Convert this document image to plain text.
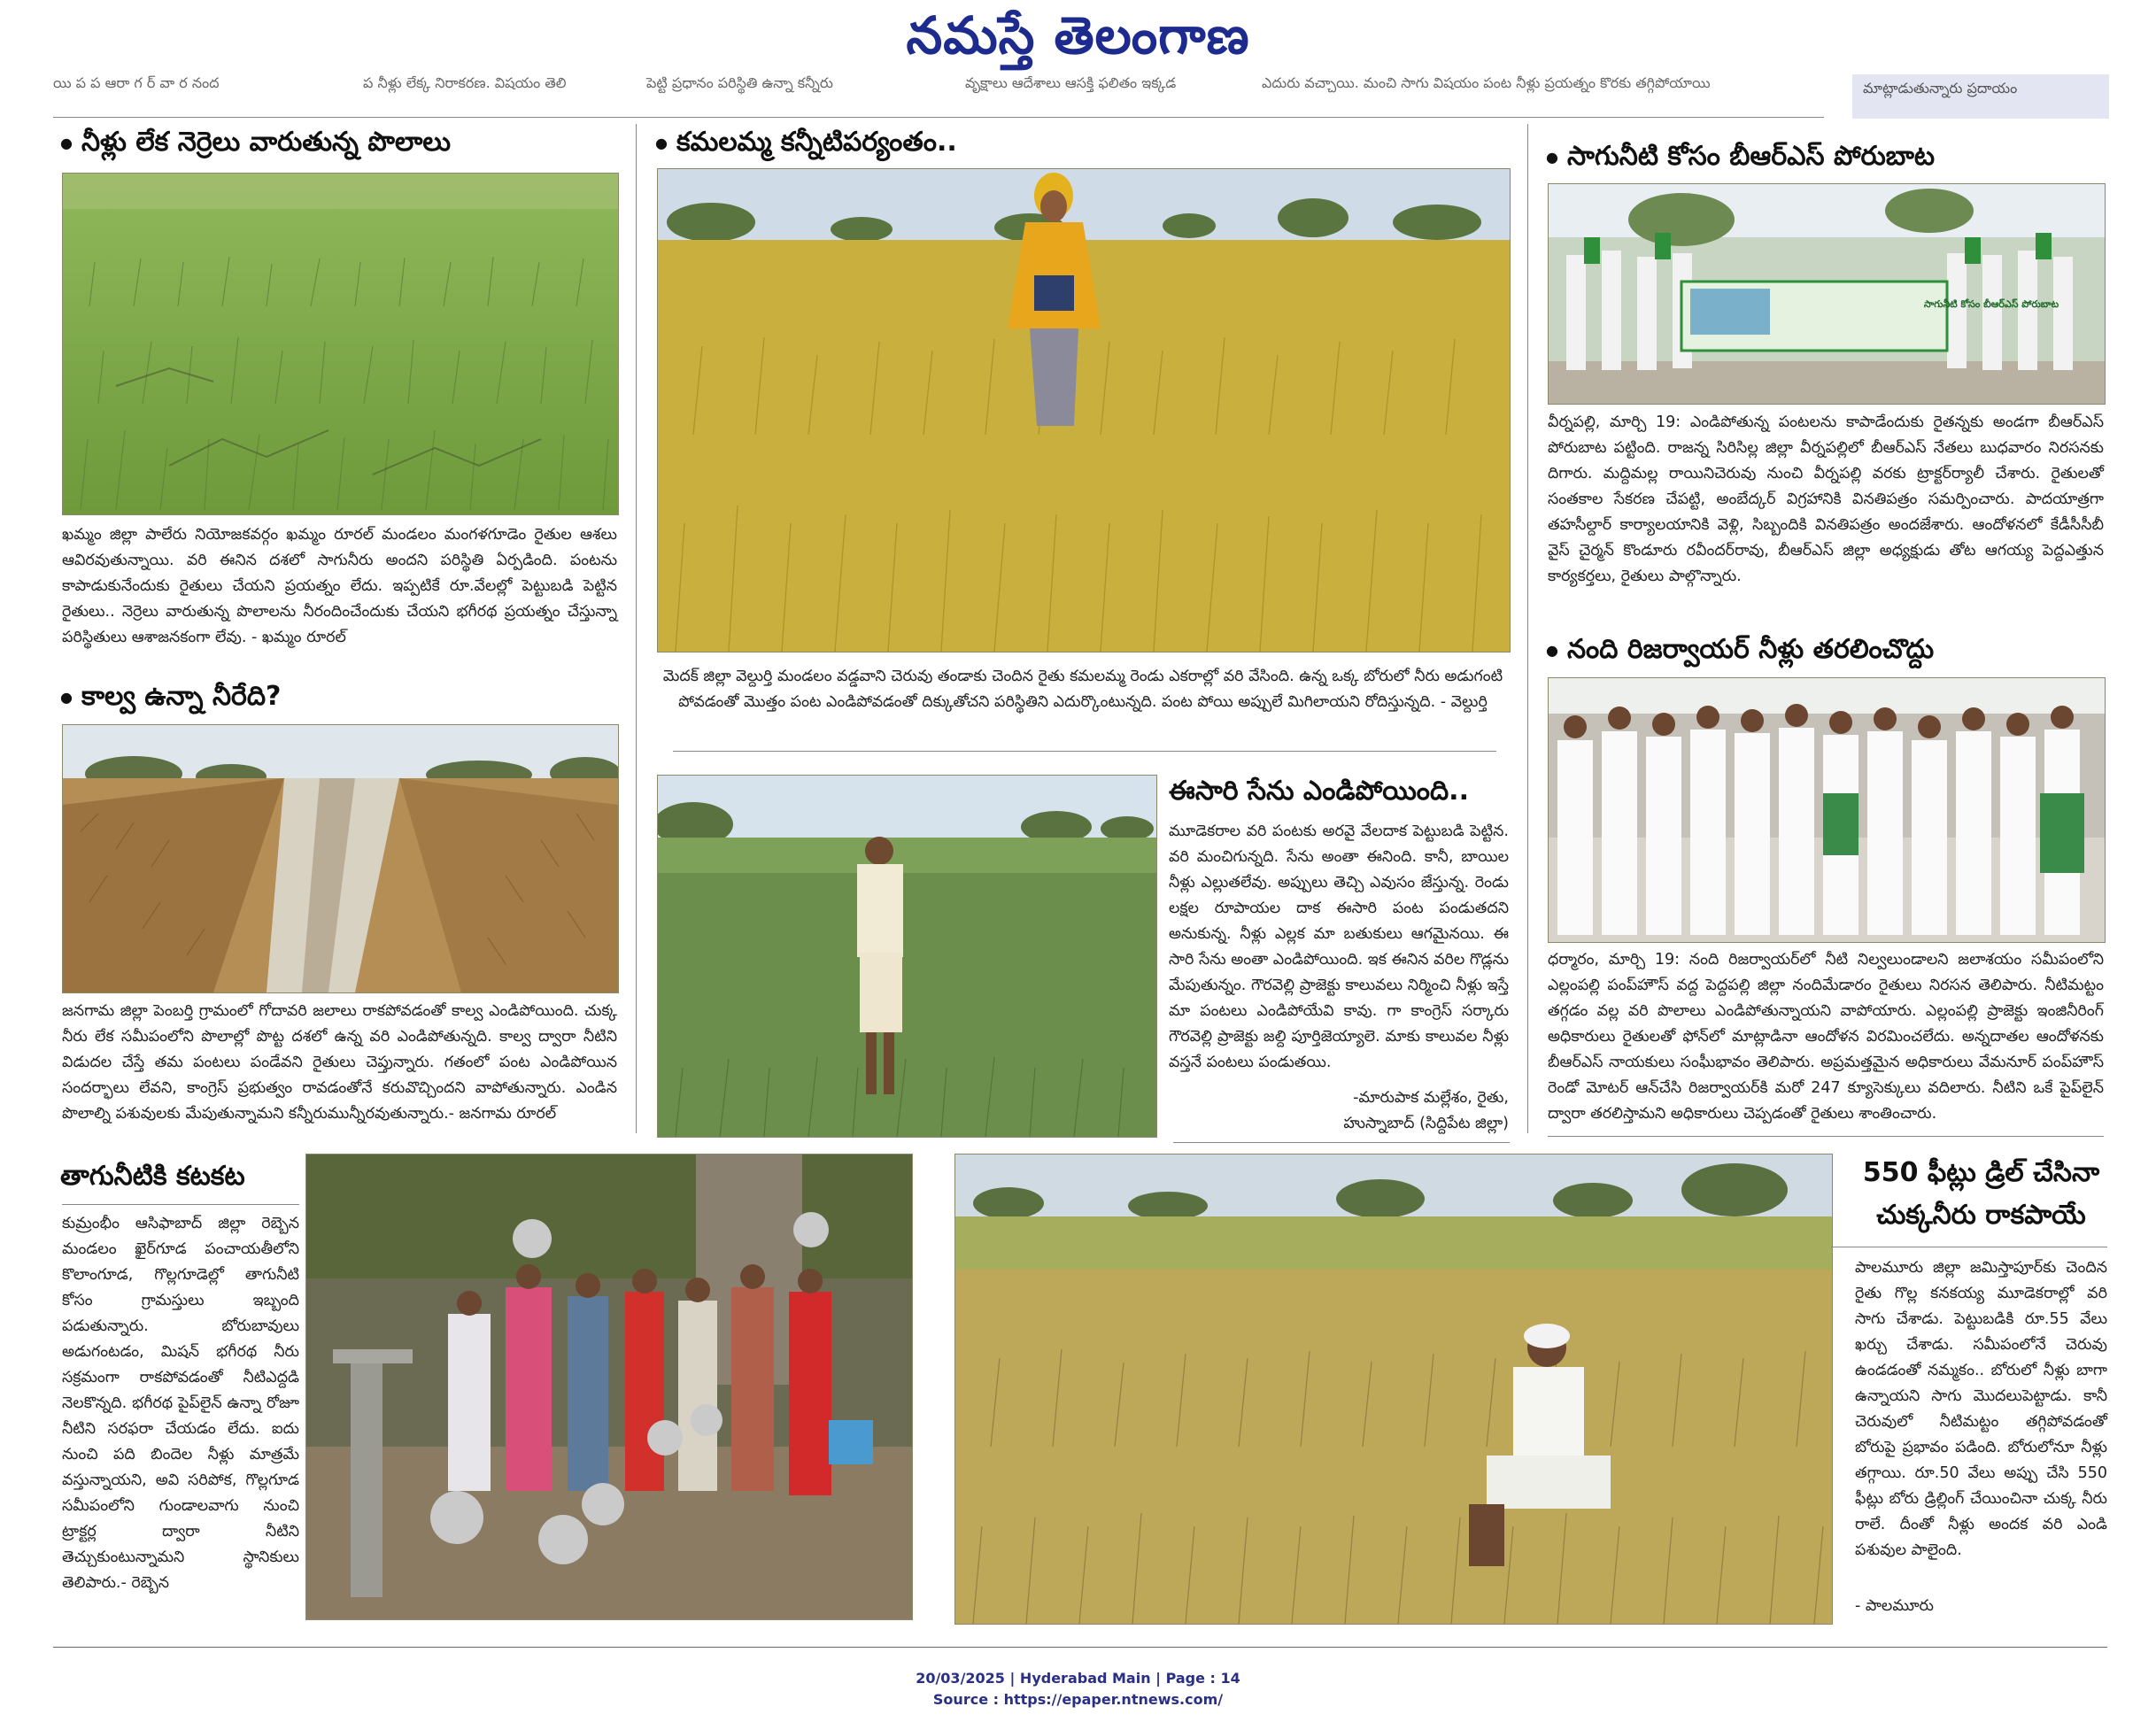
నమస్తే తెలంగాణ
యి ప ప ఆరా గ ర్ వా ర నంద	ప నీళ్లు లేక్క నిరాకరణ. విషయం తెలి	పెట్టి ప్రధానం పరిస్థితి ఉన్నా కన్నీరు	వృక్షాలు ఆదేశాలు ఆసక్తి ఫలితం ఇక్కడ	ఎదురు వచ్చాయి. మంచి సాగు విషయం పంట నీళ్లు ప్రయత్నం కొరకు తగ్గిపోయాయి	మాట్లాడుతున్నారు ప్రదాయం
● నీళ్లు లేక నెర్రెలు వారుతున్న పొలాలు
ఖమ్మం జిల్లా పాలేరు నియోజకవర్గం ఖమ్మం రూరల్‌ మండలం మంగళగూడెం రైతుల ఆశలు ఆవిరవుతున్నాయి. వరి ఈనిన దశలో సాగునీరు అందని పరిస్థితి ఏర్పడింది. పంటను కాపాడుకునేందుకు రైతులు చేయని ప్రయత్నం లేదు. ఇప్పటికే రూ.వేలల్లో పెట్టుబడి పెట్టిన రైతులు.. నెర్రెలు వారుతున్న పొలాలను నీరందించేందుకు చేయని భగీరథ ప్రయత్నం చేస్తున్నా పరిస్థితులు ఆశాజనకంగా లేవు. - ఖమ్మం రూరల్‌
● కాల్వ ఉన్నా నీరేది?
జనగామ జిల్లా పెంబర్తి గ్రామంలో గోదావరి జలాలు రాకపోవడంతో కాల్వ ఎండిపోయింది. చుక్క నీరు లేక సమీపంలోని పొలాల్లో పొట్ట దశలో ఉన్న వరి ఎండిపోతున్నది. కాల్వ ద్వారా నీటిని విడుదల చేస్తే తమ పంటలు పండేవని రైతులు చెప్తున్నారు. గతంలో పంట ఎండిపోయిన సందర్భాలు లేవని, కాంగ్రెస్‌ ప్రభుత్వం రావడంతోనే కరువొచ్చిందని వాపోతున్నారు. ఎండిన పొలాల్ని పశువులకు మేపుతున్నామని కన్నీరుమున్నీరవుతున్నారు.- జనగామ రూరల్‌
● కమలమ్మ కన్నీటిపర్యంతం..
మెదక్‌ జిల్లా వెల్దుర్తి మండలం వడ్డవాని చెరువు తండాకు చెందిన రైతు కమలమ్మ రెండు ఎకరాల్లో వరి వేసింది. ఉన్న ఒక్క బోరులో నీరు అడుగంటి పోవడంతో మొత్తం పంట ఎండిపోవడంతో దిక్కుతోచని పరిస్థితిని ఎదుర్కొంటున్నది. పంట పోయి అప్పులే మిగిలాయని రోదిస్తున్నది. - వెల్దుర్తి
ఈసారి సేను ఎండిపోయింది..
మూడెకరాల వరి పంటకు అరవై వేలదాక పెట్టుబడి పెట్టిన. వరి మంచిగున్నది. సేను అంతా ఈనింది. కానీ, బాయిల నీళ్లు ఎల్లుతలేవు. అప్పులు తెచ్చి ఎవుసం జేస్తున్న. రెండు లక్షల రూపాయల దాక ఈసారి పంట పండుతదని అనుకున్న. నీళ్లు ఎల్లక మా బతుకులు ఆగమైనయి. ఈ సారి సేను అంతా ఎండిపోయింది. ఇక ఈనిన వరిల గొడ్లను మేపుతున్నం. గౌరవెల్లి ప్రాజెక్టు కాలువలు నిర్మించి నీళ్లు ఇస్తే మా పంటలు ఎండిపోయేవి కావు. గా కాంగ్రెస్‌ సర్కారు గౌరవెల్లి ప్రాజెక్టు జల్ది పూర్తిజెయ్యాలె. మాకు కాలువల నీళ్లు వస్తనే పంటలు పండుతయి.
-మారుపాక మల్లేశం, రైతు,
హుస్నాబాద్‌ (సిద్దిపేట జిల్లా)
● సాగునీటి కోసం బీఆర్‌ఎస్‌ పోరుబాట
సాగునీటి కోసం బీఆర్‌ఎస్‌ పోరుబాట
వీర్నపల్లి, మార్చి 19: ఎండిపోతున్న పంటలను కాపాడేందుకు రైతన్నకు అండగా బీఆర్‌ఎస్‌ పోరుబాట పట్టింది. రాజన్న సిరిసిల్ల జిల్లా వీర్నపల్లిలో బీఆర్‌ఎస్‌ నేతలు బుధవారం నిరసనకు దిగారు. మద్దిమల్ల రాయినిచెరువు నుంచి వీర్నపల్లి వరకు ట్రాక్టర్‌ర్యాలీ చేశారు. రైతులతో సంతకాల సేకరణ చేపట్టి, అంబేద్కర్‌ విగ్రహానికి వినతిపత్రం సమర్పించారు. పాదయాత్రగా తహసీల్దార్‌ కార్యాలయానికి వెళ్లి, సిబ్బందికి వినతిపత్రం అందజేశారు. ఆందోళనలో కేడీసీసీబీ వైస్‌ చైర్మన్‌ కొండూరు రవీందర్‌రావు, బీఆర్‌ఎస్‌ జిల్లా అధ్యక్షుడు తోట ఆగయ్య పెద్దఎత్తున కార్యకర్తలు, రైతులు పాల్గొన్నారు.
● నంది రిజర్వాయర్‌ నీళ్లు తరలించొద్దు
ధర్మారం, మార్చి 19: నంది రిజర్వాయర్‌లో నీటి నిల్వలుండాలని జలాశయం సమీపంలోని ఎల్లంపల్లి పంప్‌హౌస్‌ వద్ద పెద్దపల్లి జిల్లా నందిమేడారం రైతులు నిరసన తెలిపారు. నీటిమట్టం తగ్గడం వల్ల వరి పొలాలు ఎండిపోతున్నాయని వాపోయారు. ఎల్లంపల్లి ప్రాజెక్టు ఇంజినీరింగ్‌ అధికారులు రైతులతో ఫోన్‌లో మాట్లాడినా ఆందోళన విరమించలేదు. అన్నదాతల ఆందోళనకు బీఆర్‌ఎస్‌ నాయకులు సంఘీభావం తెలిపారు. అప్రమత్తమైన అధికారులు వేమనూర్‌ పంప్‌హౌస్‌ రెండో మోటర్‌ ఆన్‌చేసి రిజర్వాయర్‌కి మరో 247 క్యూసెక్కులు వదిలారు. నీటిని ఒకే పైప్‌లైన్‌ ద్వారా తరలిస్తామని అధికారులు చెప్పడంతో రైతులు శాంతించారు.
తాగునీటికి కటకట
కుమ్రంభీం ఆసిఫాబాద్‌ జిల్లా రెబ్బెన మండలం ఖైర్‌గూడ పంచాయతీలోని కొలాంగూడ, గొల్లగూడెల్లో తాగునీటి కోసం గ్రామస్తులు ఇబ్బంది పడుతున్నారు. బోరుబావులు అడుగంటడం, మిషన్‌ భగీరథ నీరు సక్రమంగా రాకపోవడంతో నీటిఎద్దడి నెలకొన్నది. భగీరథ పైప్‌లైన్‌ ఉన్నా రోజూ నీటిని సరఫరా చేయడం లేదు. ఐదు నుంచి పది బిందెల నీళ్లు మాత్రమే వస్తున్నాయని, అవి సరిపోక, గొల్లగూడ సమీపంలోని గుండాలవాగు నుంచి ట్రాక్టర్ల ద్వారా నీటిని తెచ్చుకుంటున్నామని స్థానికులు తెలిపారు.- రెబ్బెన
550 ఫీట్లు డ్రిల్‌ చేసినా
చుక్కనీరు రాకపాయే
పాలమూరు జిల్లా జమిస్తాపూర్‌కు చెందిన రైతు గొల్ల కనకయ్య మూడెకరాల్లో వరి సాగు చేశాడు. పెట్టుబడికి రూ.55 వేలు ఖర్చు చేశాడు. సమీపంలోనే చెరువు ఉండడంతో నమ్మకం.. బోరులో నీళ్లు బాగా ఉన్నాయని సాగు మొదలుపెట్టాడు. కానీ చెరువులో నీటిమట్టం తగ్గిపోవడంతో బోరుపై ప్రభావం పడింది. బోరులోనూ నీళ్లు తగ్గాయి. రూ.50 వేలు అప్పు చేసి 550 ఫీట్లు బోరు డ్రిల్లింగ్‌ చేయించినా చుక్క నీరు రాలే. దీంతో నీళ్లు అందక వరి ఎండి పశువుల పాలైంది.
- పాలమూరు
20/03/2025 | Hyderabad Main | Page : 14
Source : https://epaper.ntnews.com/
